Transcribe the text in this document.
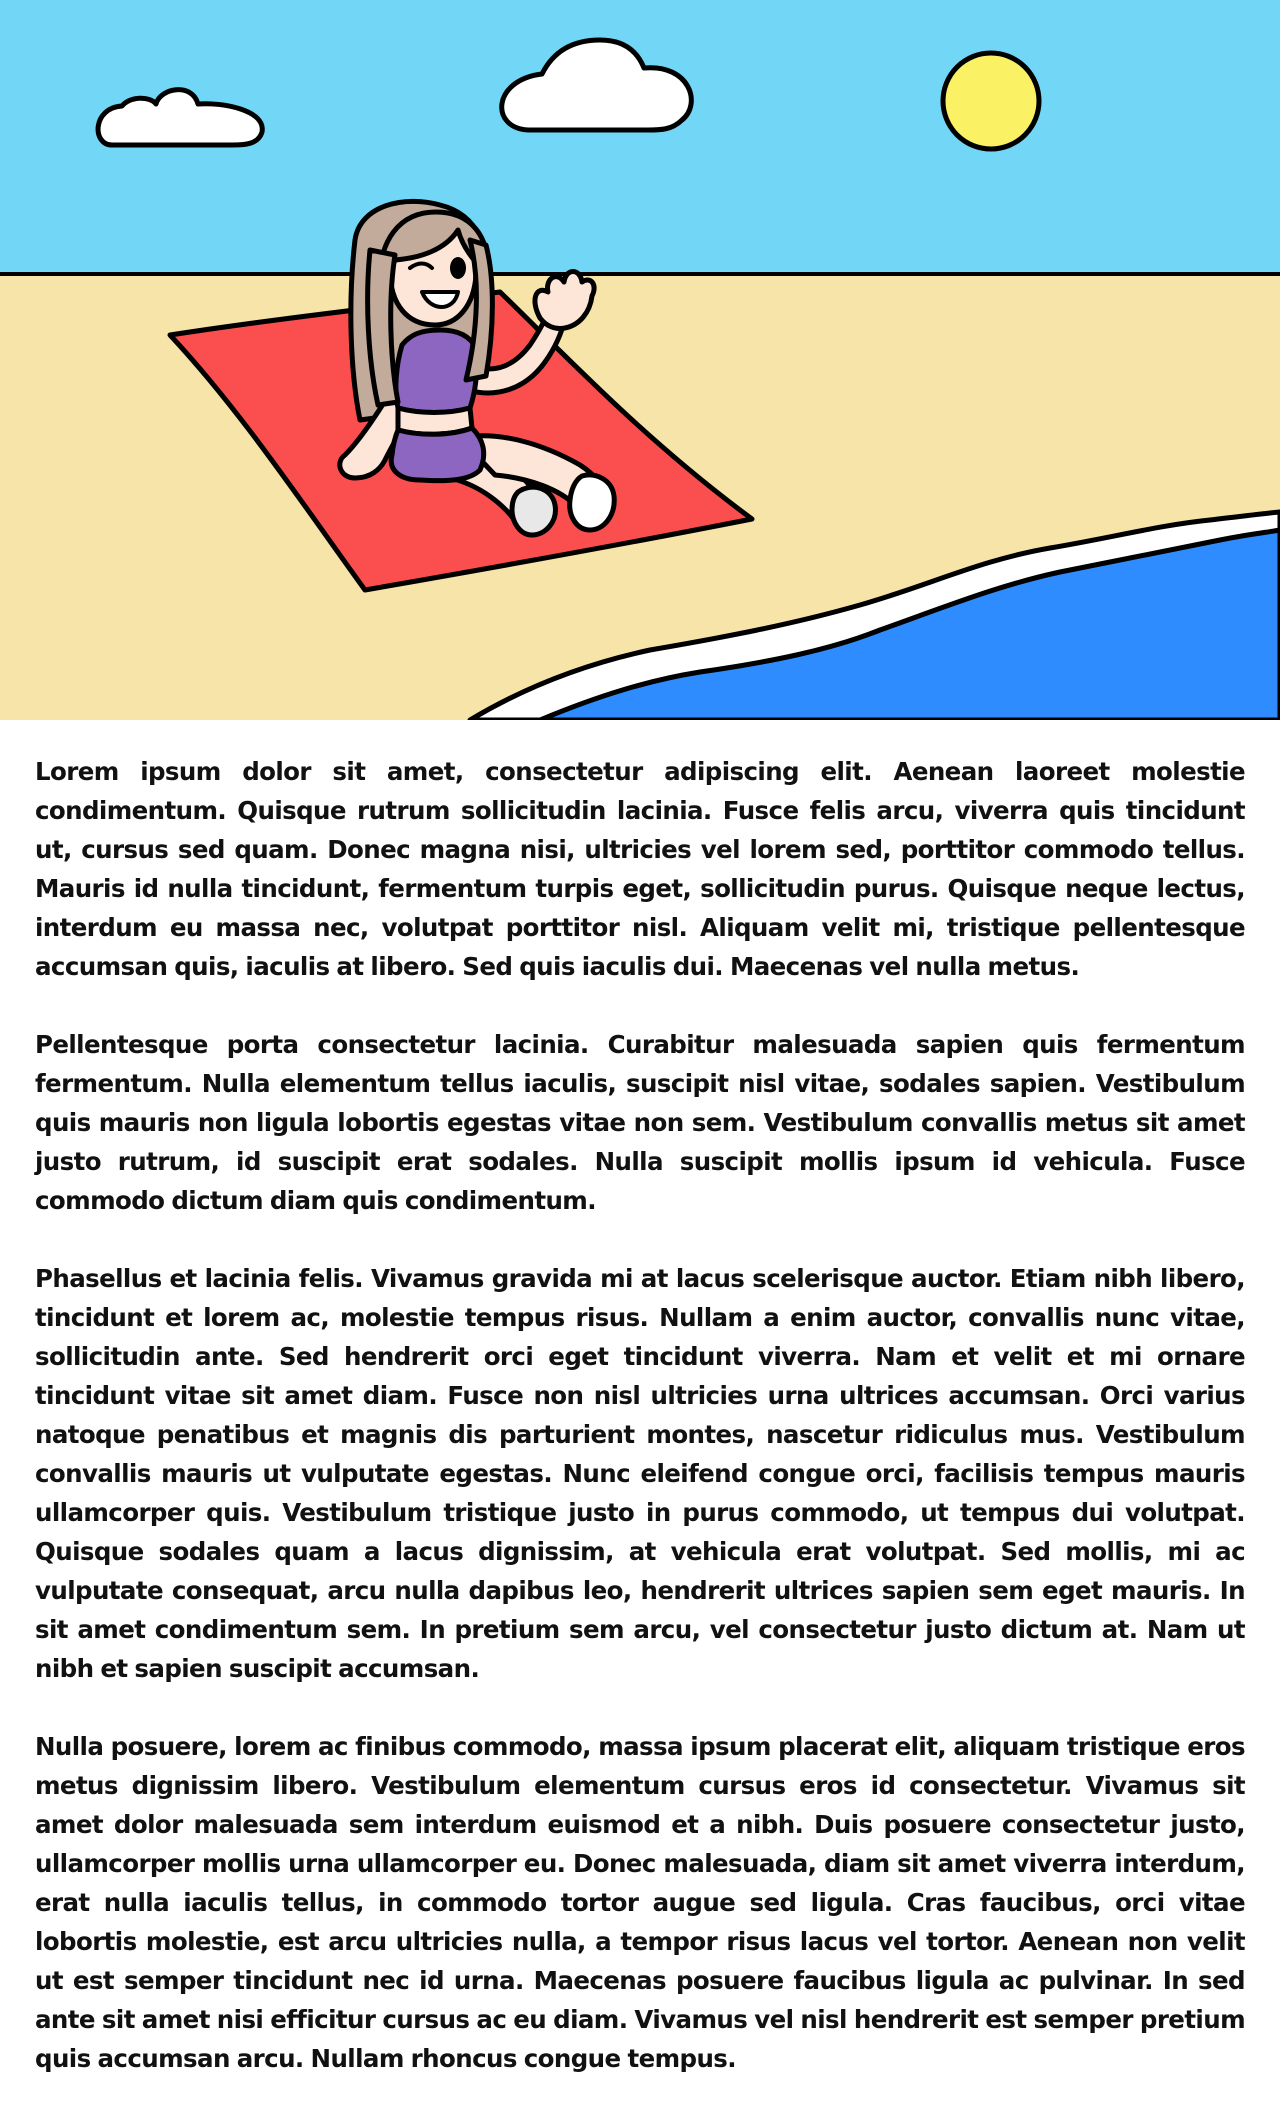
Lorem ipsum dolor sit amet, consectetur adipiscing elit. Aenean laoreet molestie condimentum. Quisque rutrum sollicitudin lacinia. Fusce felis arcu, viverra quis tincidunt ut, cursus sed quam. Donec magna nisi, ultricies vel lorem sed, porttitor commodo tellus. Mauris id nulla tincidunt, fermentum turpis eget, sollicitudin purus. Quisque neque lectus, interdum eu massa nec, volutpat porttitor nisl. Aliquam velit mi, tristique pellentesque accumsan quis, iaculis at libero. Sed quis iaculis dui. Maecenas vel nulla metus.

Pellentesque porta consectetur lacinia. Curabitur malesuada sapien quis fermentum fermentum. Nulla elementum tellus iaculis, suscipit nisl vitae, sodales sapien. Vestibulum quis mauris non ligula lobortis egestas vitae non sem. Vestibulum convallis metus sit amet justo rutrum, id suscipit erat sodales. Nulla suscipit mollis ipsum id vehicula. Fusce commodo dictum diam quis condimentum.

Phasellus et lacinia felis. Vivamus gravida mi at lacus scelerisque auctor. Etiam nibh libero, tincidunt et lorem ac, molestie tempus risus. Nullam a enim auctor, convallis nunc vitae, sollicitudin ante. Sed hendrerit orci eget tincidunt viverra. Nam et velit et mi ornare tincidunt vitae sit amet diam. Fusce non nisl ultricies urna ultrices accumsan. Orci varius natoque penatibus et magnis dis parturient montes, nascetur ridiculus mus. Vestibulum convallis mauris ut vulputate egestas. Nunc eleifend congue orci, facilisis tempus mauris ullamcorper quis. Vestibulum tristique justo in purus commodo, ut tempus dui volutpat. Quisque sodales quam a lacus dignissim, at vehicula erat volutpat. Sed mollis, mi ac vulputate consequat, arcu nulla dapibus leo, hendrerit ultrices sapien sem eget mauris. In sit amet condimentum sem. In pretium sem arcu, vel consectetur justo dictum at. Nam ut nibh et sapien suscipit accumsan.

Nulla posuere, lorem ac finibus commodo, massa ipsum placerat elit, aliquam tristique eros metus dignissim libero. Vestibulum elementum cursus eros id consectetur. Vivamus sit amet dolor malesuada sem interdum euismod et a nibh. Duis posuere consectetur justo, ullamcorper mollis urna ullamcorper eu. Donec malesuada, diam sit amet viverra interdum, erat nulla iaculis tellus, in commodo tortor augue sed ligula. Cras faucibus, orci vitae lobortis molestie, est arcu ultricies nulla, a tempor risus lacus vel tortor. Aenean non velit ut est semper tincidunt nec id urna. Maecenas posuere faucibus ligula ac pulvinar. In sed ante sit amet nisi efficitur cursus ac eu diam. Vivamus vel nisl hendrerit est semper pretium quis accumsan arcu. Nullam rhoncus congue tempus.
